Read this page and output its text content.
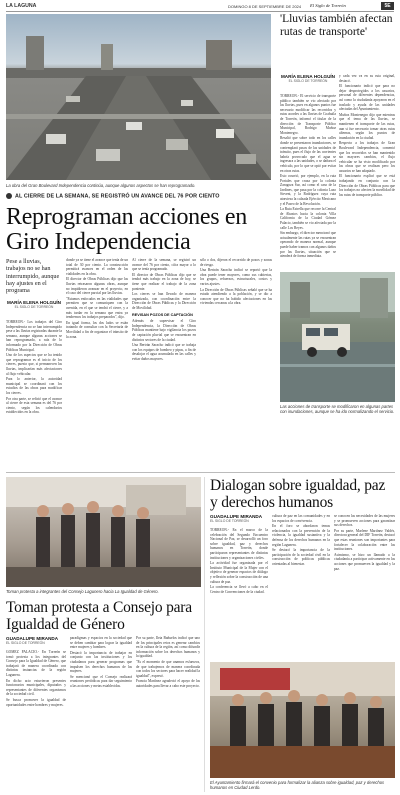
LA LAGUNA	DOMINGO 8 DE SEPTIEMBRE DE 2024 El Siglo de Torreón	5E
La obra del Gran Boulevard Independencia continúa, aunque algunos aspectos se han reprogramado.
'Lluvias también afectan rutas de transporte'
MARÍA ELENA HOLGUÍN
EL SIGLO DE TORREÓN

TORREÓN.- El servicio de transporte público también se vio afectado por las lluvias, pues en algunos puntos fue necesario modificar las recorridos y rutas acordes a las lluvias de Coahuila de Torreón, informó el titular de la dirección de Transporte Público Municipal, Rodrigo Muñoz Montenegro.

Resaltó que sobre todo en los calles donde se presentaron inundaciones, se contemplará pasos de las unidades de tránsito, pues el flujo de las corrientes habría provocado que el agua se ingresara a las unidades, o se dañara el vehículo, por lo que se optó por evitar en otras rutas.

Esto ocurrió, por ejemplo, en la ruta Portales que cruza por la colonia Zaragoza Sur, así como el caso de la Jardines, que pasa por la colonia Lazo Sirvent, y la Rodríguez cuya ruta atraviesa la calzada Ejército Mexicano y el Paseo de la Revolución.

La Ruta Estrella que recorre la Central de Abastos hacia la colonia Villa California de la Ciudad Gómez Palacio, también se vio afectada por la calle Los Reyes.

Sin embargo, el director mencionó que actualmente las rutas ya se encuentran operando de manera normal, aunque puede haber tramos con algunos daños por las lluvias, situación que se atenderá de forma inmediata.

y cada vez va en su ruta original, destacó.

El funcionario indicó que para no dejar desprotegidos a los usuarios, personal de diferentes dependencias, así como la ciudadanía apoyaron en el traslado y ayuda de las unidades afectadas del Ayuntamiento.

Muñoz Montenegro dijo que mientras que el tema de las lluvias, se mantienen el transporte de las rutas, aun si fue necesario tomar otras rutas alternas, según los puntos de inundación en la ciudad.

Respecto a los trabajos de Gran Boulevard Independencia, comentó que los recorridos se han mantenido sin mayores cambios, el flujo vehicular se ha visto modificado por las obras que se realizan pero los usuarios se han adaptado.

El funcionario explicó que se está trabajando en conjunto con la Dirección de Obras Públicas para que los trabajos no afecten la movilidad de las rutas de transporte público.

AL CIERRE DE LA SEMANA, SE REGISTRÓ UN AVANCE DEL 76 POR CIENTO
Reprograman acciones en Giro Independencia
Pese a lluvias, trabajos no se han interrumpido, aunque hay ajustes en el programa
MARÍA ELENA HOLGUÍN
EL SIGLO DE TORREÓN

TORREÓN.- Los trabajos del Giro Independencia no se han interrumpido pese a las lluvias registradas durante la semana, aunque algunas acciones se han reprogramado, a raíz de lo informado por la Dirección de Obras Públicas Municipal.

Uno de los aspectos que se ha tenido que reprogramar es el inicio de los cierres, puesto que, si permanecen las lluvias, implicarían más afectaciones al flujo vehicular.

Para lo anterior, la autoridad municipal se coordinará con los estudios de las obras para modificar los cierres.

Por otra parte, se refirió que el avance al cierre de esta semana es del 76 por ciento, según los calendarios establecidos en la obra.

donde ya se tiene el avance que tenía de un total de 30 por ciento. La construcción permitirá avances en el orden de las vialidades en la obra.

El director de Obras Públicas dijo que las lluvias retrasaron algunas obras, aunque no impidieron avanzar en el proyecto, en el caso del cierre parcial por las lluvias.

"Estamos enfocados en las vialidades que permiten que se comuniquen con la avenida, en el que se tendrá el cierre, y a más tardar en la semana que entra ya tendremos los trabajos preparados", dijo.

En igual forma, los dos lados se están tratando de consultar con la Secretaría de Movilidad a fin de organizar el tránsito de la zona.

Al cierre de la semana, se registró un avance del 76 por ciento, cifra mayor a lo que se tenía programado.

El director de Obras Públicas dijo que se tendrá más trabajo en la zona de hoy, se tiene que realizar el trabajo de la zona poniente.

Los cierres se han llevado de manera organizada, con coordinación entre la Dirección de Obras Públicas y la Dirección de Movilidad.

REVISAN POZOS DE CAPTACIÓN

Además de supervisar el Giro Independencia, la Dirección de Obras Públicas mantiene bajo vigilancia los pozos de captación pluvial que se encuentran en distintos sectores de la ciudad.

Una Bertrán Saracho indicó que se trabaja con los equipos de bombeo y pipas, a fin de desalojar el agua acumulada en las calles y evitar daños mayores.

sólo o dos, dijeron el recorrido de pozos y zonas de riesgo.

Una Bertrán Saracho indicó se reportó que la obra puede tener mayores, como sus cubiertas, los grupos, refuerzos, estructurales, costos y varios ajustes.

La Dirección de Obras Públicas señaló que se ha estado atendiendo a la población, y se dio a conocer que no ha habido afectaciones en las viviendas cercanas a la obra.

Las acciones de transporte se modificaron en algunas partes con inundaciones, aunque se ha ido normalizando el servicio.
Toman protesta a integrantes del Consejo Lagunero hacia La Igualdad de Género.
Toman protesta a Consejo para Igualdad de Género
GUADALUPE MIRANDA
EL SIGLO DE TORREÓN

GÓMEZ PALACIO.- En Torreón se tomó protesta a los integrantes del Consejo para la Igualdad de Género, que trabajará de manera coordinada con distintas instancias de la región Lagunera.

En dicho acto estuvieron presentes funcionarios municipales, diputados y representantes de diferentes organismos de la sociedad civil.

Se busca promover la igualdad de oportunidades entre hombres y mujeres.

paradigmas y espacios en la sociedad que se deben cambiar para lograr la igualdad entre mujeres y hombres.

Destacó la importancia de trabajar en conjunto con las instituciones y los ciudadanos para generar programas que impulsen los derechos humanos de las mujeres.

Se mencionó que el Consejo realizará reuniones periódicas para dar seguimiento a las acciones y metas establecidas.

Por su parte, Ileia Bañuelos indicó que uno de los principales retos es generar cambios en la cultura de la región, así como difundir información sobre los derechos humanos y la igualdad.

"Es el momento de que unamos esfuerzos, de que trabajemos de manera coordinada con todos los sectores para hacer realidad la igualdad", expresó.

Francia Martínez agradeció el apoyo de las autoridades para llevar a cabo este proyecto.

Dialogan sobre igualdad, paz y derechos humanos
GUADALUPE MIRANDA
EL SIGLO DE TORREÓN

TORREÓN.- En el marco de la celebración del Segundo Encuentro Nacional de Paz, se desarrolló un foro sobre igualdad, paz y derechos humanos en Torreón, donde participaron representantes de distintas instituciones y organizaciones civiles.

La actividad fue organizada por el Instituto Municipal de la Mujer con el objetivo de generar espacios de diálogo y reflexión sobre la construcción de una cultura de paz.

La conferencia se llevó a cabo en el Centro de Convenciones de la ciudad.

cultura de paz en las comunidades y en los espacios de convivencia.

En el foro se abordaron temas relacionados con la prevención de la violencia, la igualdad sustantiva y la defensa de los derechos humanos en la región Lagunera.

Se destacó la importancia de la participación de la sociedad civil en la construcción de políticas públicas orientadas al bienestar.

se conocen las necesidades de las mujeres y se promueven acciones para garantizar sus derechos.

Por su parte, Marlene Martínez Valdés, directora general del DIF Torreón, destacó que estas reuniones son importantes para fortalecer la colaboración entre las instituciones.

Asimismo, se hizo un llamado a la ciudadanía a participar activamente en las acciones que promueven la igualdad y la paz.

El Ayuntamiento firmará el convenio para formalizar la alianza sobre igualdad, paz y derechos humanos en Ciudad Lerdo.
